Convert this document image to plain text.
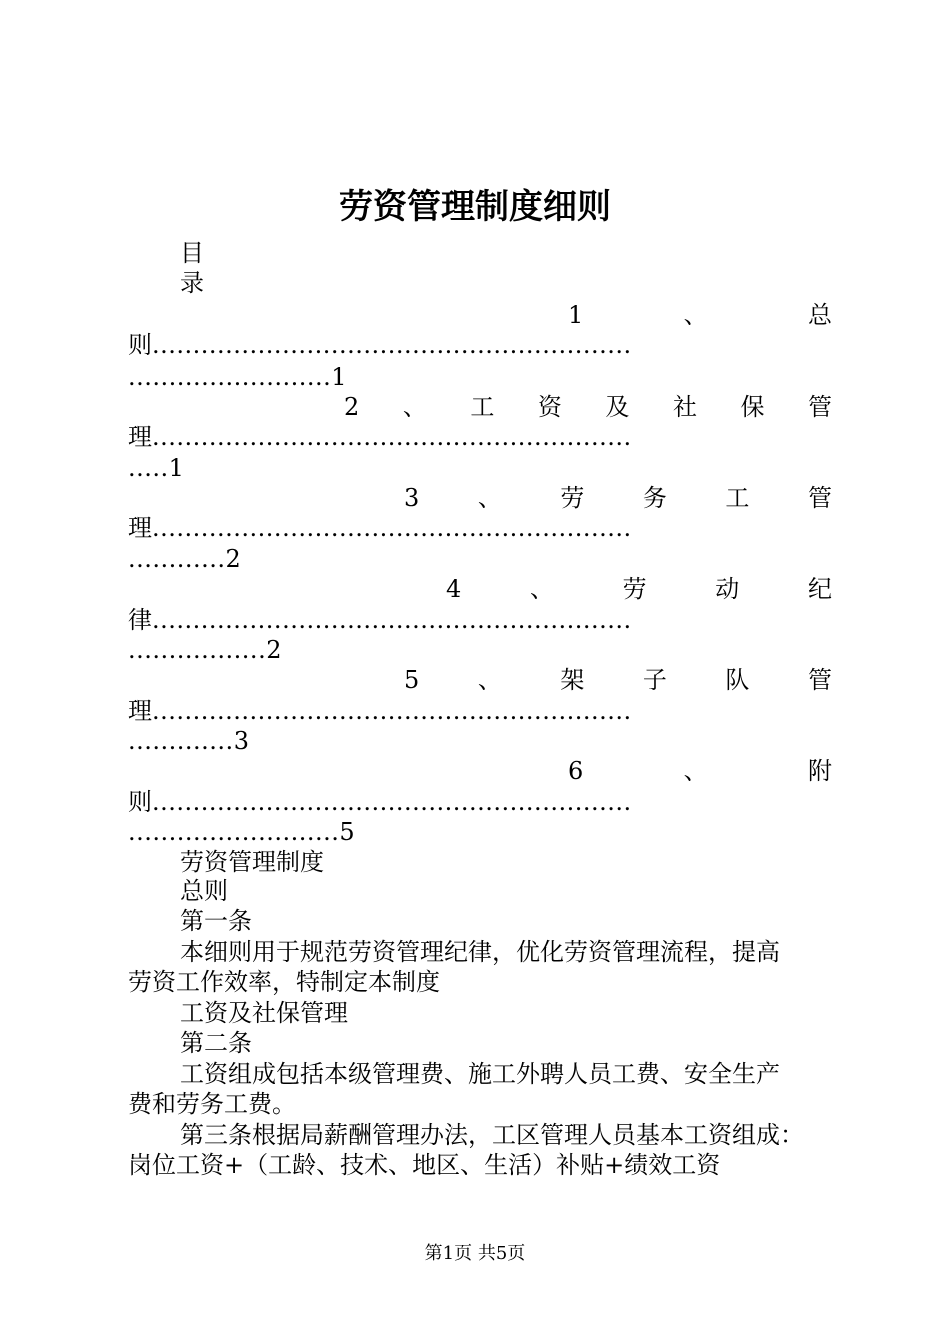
劳资管理制度细则
目
录
1	、	总
则...........................................................
.........................1
2 、 工 资 及 社 保 管
理...........................................................
.....1
3 、 劳 务 工 管
理...........................................................
............2
4	、	劳	动	纪
律...........................................................
.................2
5 、 架 子 队 管
理...........................................................
.............3
6	、	附
则...........................................................
..........................5
劳资管理制度
总则
第一条
本细则用于规范劳资管理纪律，优化劳资管理流程，提高
劳资工作效率，特制定本制度
工资及社保管理
第二条
工资组成包括本级管理费、施工外聘人员工费、安全生产
费和劳务工费。
第三条根据局薪酬管理办法，工区管理人员基本工资组成：
岗位工资+（工龄、技术、地区、生活）补贴+绩效工资
第1页 共5页
